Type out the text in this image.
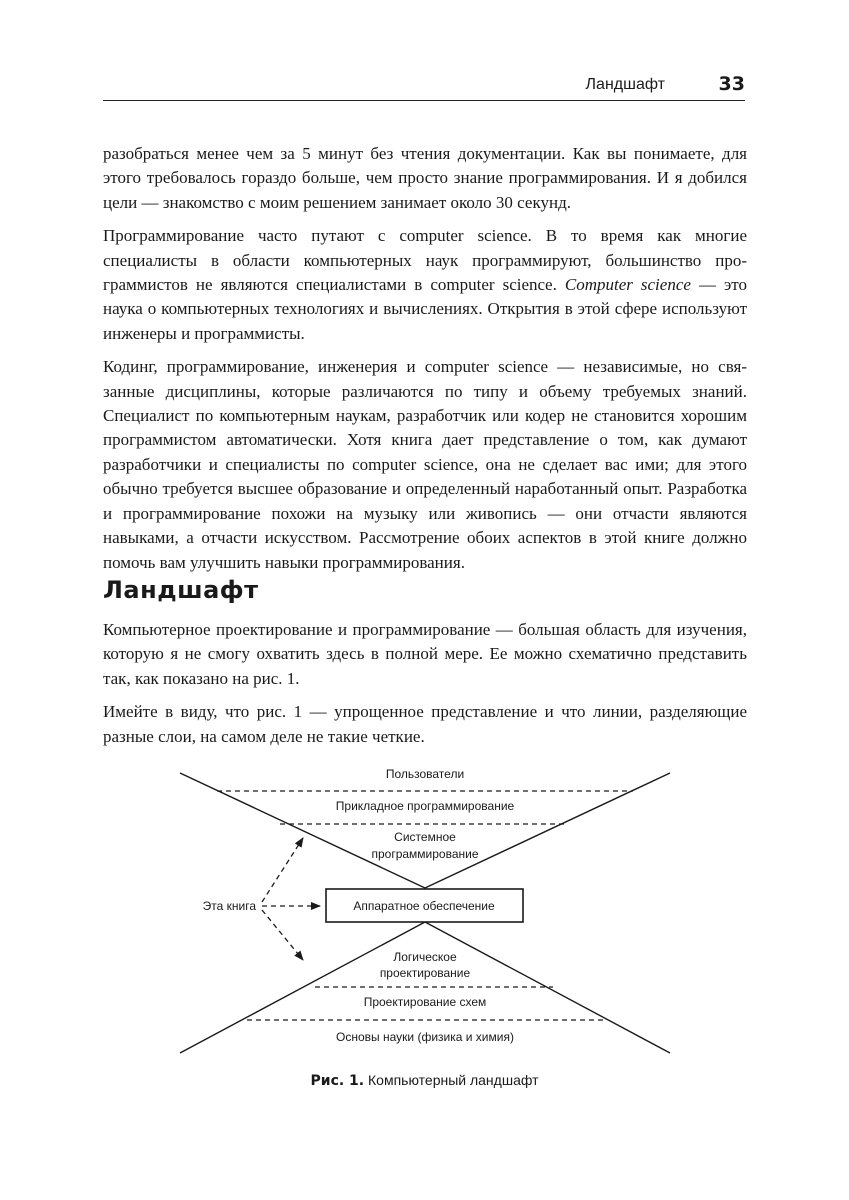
Ландшафт	33

разобраться менее чем за 5 минут без чтения документации. Как вы понимаете, для этого требовалось гораздо больше, чем просто знание программирования. И я добился цели — знакомство с моим решением занимает около 30 секунд.

Программирование часто путают с computer science. В то время как многие специалисты в области компьютерных наук программируют, большинство программистов не являются специалистами в computer science. Computer science — это наука о компьютерных технологиях и вычислениях. Открытия в этой сфере используют инженеры и программисты.

Кодинг, программирование, инженерия и computer science — независимые, но связанные дисциплины, которые различаются по типу и объему требуемых знаний. Специалист по компьютерным наукам, разработчик или кодер не становится хорошим программистом автоматически. Хотя книга дает представление о том, как думают разработчики и специалисты по computer science, она не сделает вас ими; для этого обычно требуется высшее образование и определенный наработанный опыт. Разработка и программирование похожи на музыку или живопись — они отчасти являются навыками, а отчасти искусством. Рассмотрение обоих аспектов в этой книге должно помочь вам улучшить навыки программирования.

Ландшафт

Компьютерное проектирование и программирование — большая область для изучения, которую я не смогу охватить здесь в полной мере. Ее можно схематично представить так, как показано на рис. 1.

Имейте в виду, что рис. 1 — упрощенное представление и что линии, разделяющие разные слои, на самом деле не такие четкие.

Пользователи
Прикладное программирование
Системное
программирование
Аппаратное обеспечение
Логическое
проектирование
Проектирование схем
Основы науки (физика и химия)
Эта книга
Рис. 1. Компьютерный ландшафт
